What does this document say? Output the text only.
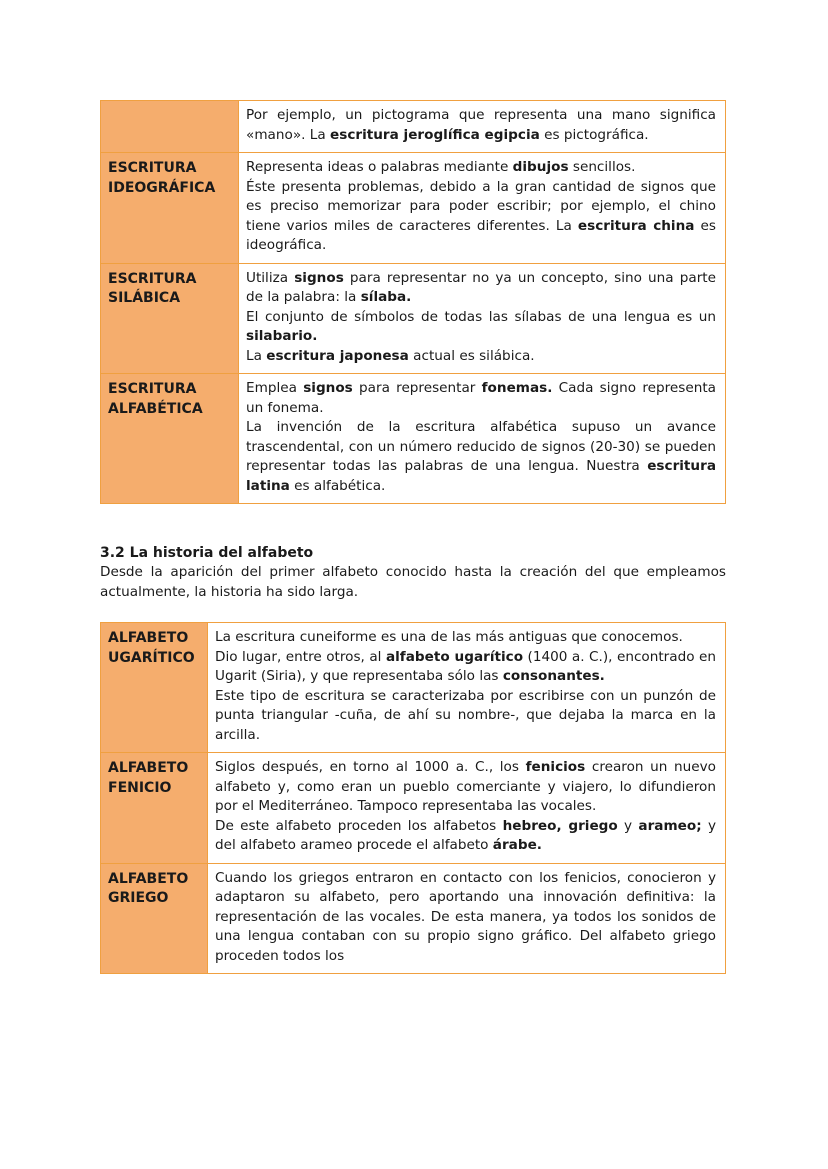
	Por ejemplo, un pictograma que representa una mano significa «mano». La escritura jeroglífica egipcia es pictográfica.

ESCRITURA IDEOGRÁFICA	Representa ideas o palabras mediante dibujos sencillos.

Éste presenta problemas, debido a la gran cantidad de signos que es preciso memorizar para poder escribir; por ejemplo, el chino tiene varios miles de caracteres diferentes. La escritura china es ideográfica.

ESCRITURA SILÁBICA	Utiliza signos para representar no ya un concepto, sino una parte de la palabra: la sílaba.

El conjunto de símbolos de todas las sílabas de una lengua es un silabario.

La escritura japonesa actual es silábica.

ESCRITURA ALFABÉTICA	Emplea signos para representar fonemas. Cada signo representa un fonema.

La invención de la escritura alfabética supuso un avance trascendental, con un número reducido de signos (20-30) se pueden representar todas las palabras de una lengua. Nuestra escritura latina es alfabética.

3.2 La historia del alfabeto

Desde la aparición del primer alfabeto conocido hasta la creación del que empleamos actualmente, la historia ha sido larga.

ALFABETO UGARÍTICO	La escritura cuneiforme es una de las más antiguas que conocemos.

Dio lugar, entre otros, al alfabeto ugarítico (1400 a. C.), encontrado en Ugarit (Siria), y que representaba sólo las consonantes.

Este tipo de escritura se caracterizaba por escribirse con un punzón de punta triangular -cuña, de ahí su nombre-, que dejaba la marca en la arcilla.

ALFABETO FENICIO	Siglos después, en torno al 1000 a. C., los fenicios crearon un nuevo alfabeto y, como eran un pueblo comerciante y viajero, lo difundieron por el Mediterráneo. Tampoco representaba las vocales.

De este alfabeto proceden los alfabetos hebreo, griego y arameo; y del alfabeto arameo procede el alfabeto árabe.

ALFABETO GRIEGO	Cuando los griegos entraron en contacto con los fenicios, conocieron y adaptaron su alfabeto, pero aportando una innovación definitiva: la representación de las vocales. De esta manera, ya todos los sonidos de una lengua contaban con su propio signo gráfico. Del alfabeto griego proceden todos los
